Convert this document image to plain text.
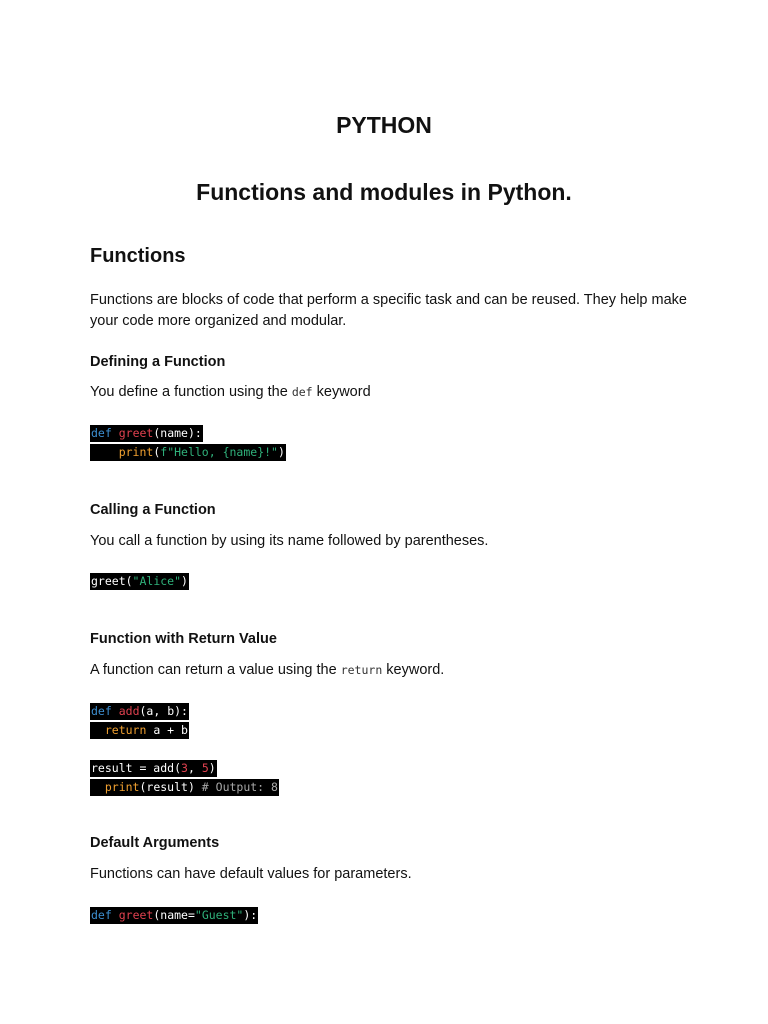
PYTHON
Functions and modules in Python.
Functions

Functions are blocks of code that perform a specific task and can be reused. They help make your code more organized and modular.

Defining a Function

You define a function using the def keyword

def greet(name):
print(f"Hello, {name}!")
Calling a Function

You call a function by using its name followed by parentheses.

greet("Alice")
Function with Return Value

A function can return a value using the return keyword.

def add(a, b):
return a + b
result = add(3, 5)
print(result) # Output: 8
Default Arguments

Functions can have default values for parameters.

def greet(name="Guest"):
